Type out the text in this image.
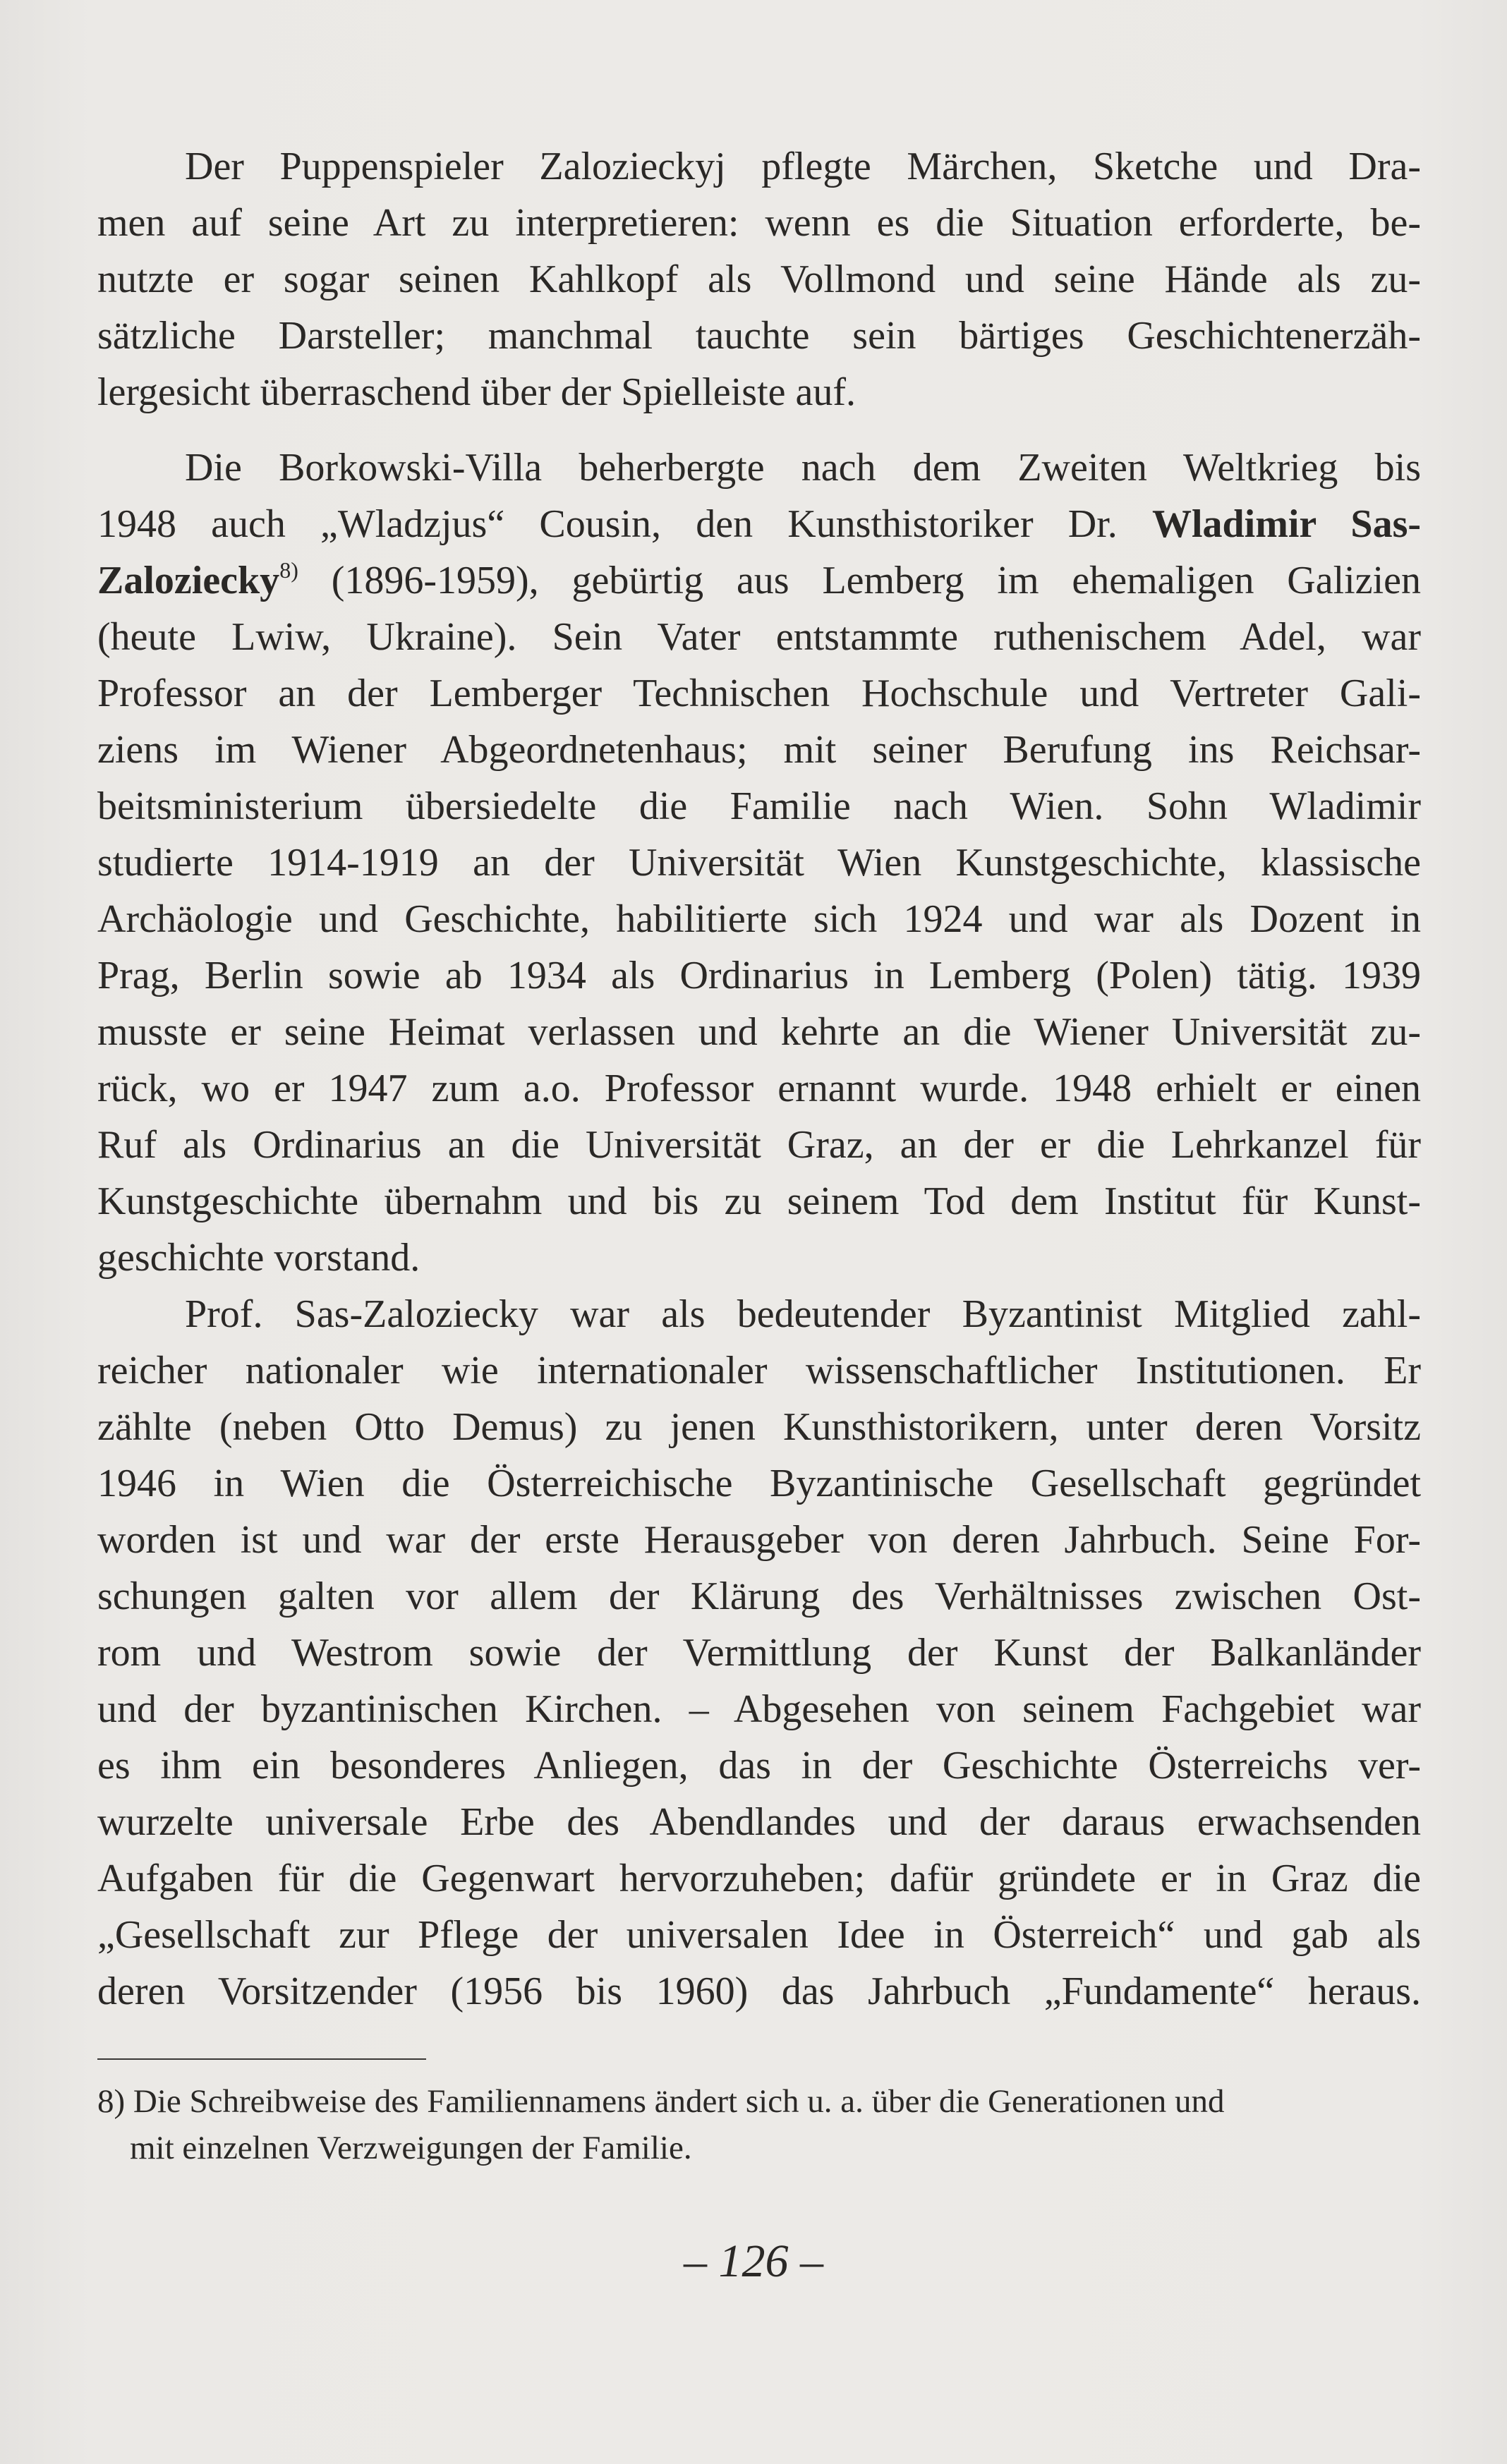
Der Puppenspieler Zalozieckyj pflegte Märchen, Sketche und Dra-
men auf seine Art zu interpretieren: wenn es die Situation erforderte, be-
nutzte er sogar seinen Kahlkopf als Vollmond und seine Hände als zu-
sätzliche Darsteller; manchmal tauchte sein bärtiges Geschichtenerzäh-
lergesicht überraschend über der Spielleiste auf.
Die Borkowski-Villa beherbergte nach dem Zweiten Weltkrieg bis
1948 auch „Wladzjus“ Cousin, den Kunsthistoriker Dr. Wladimir Sas-
Zaloziecky$^{8)}$ (1896-1959), gebürtig aus Lemberg im ehemaligen Galizien
(heute Lwiw, Ukraine). Sein Vater entstammte ruthenischem Adel, war
Professor an der Lemberger Technischen Hochschule und Vertreter Gali-
ziens im Wiener Abgeordnetenhaus; mit seiner Berufung ins Reichsar-
beitsministerium übersiedelte die Familie nach Wien. Sohn Wladimir
studierte 1914-1919 an der Universität Wien Kunstgeschichte, klassische
Archäologie und Geschichte, habilitierte sich 1924 und war als Dozent in
Prag, Berlin sowie ab 1934 als Ordinarius in Lemberg (Polen) tätig. 1939
musste er seine Heimat verlassen und kehrte an die Wiener Universität zu-
rück, wo er 1947 zum a.o. Professor ernannt wurde. 1948 erhielt er einen
Ruf als Ordinarius an die Universität Graz, an der er die Lehrkanzel für
Kunstgeschichte übernahm und bis zu seinem Tod dem Institut für Kunst-
geschichte vorstand.
Prof. Sas-Zaloziecky war als bedeutender Byzantinist Mitglied zahl-
reicher nationaler wie internationaler wissenschaftlicher Institutionen. Er
zählte (neben Otto Demus) zu jenen Kunsthistorikern, unter deren Vorsitz
1946 in Wien die Österreichische Byzantinische Gesellschaft gegründet
worden ist und war der erste Herausgeber von deren Jahrbuch. Seine For-
schungen galten vor allem der Klärung des Verhältnisses zwischen Ost-
rom und Westrom sowie der Vermittlung der Kunst der Balkanländer
und der byzantinischen Kirchen. – Abgesehen von seinem Fachgebiet war
es ihm ein besonderes Anliegen, das in der Geschichte Österreichs ver-
wurzelte universale Erbe des Abendlandes und der daraus erwachsenden
Aufgaben für die Gegenwart hervorzuheben; dafür gründete er in Graz die
„Gesellschaft zur Pflege der universalen Idee in Österreich“ und gab als
deren Vorsitzender (1956 bis 1960) das Jahrbuch „Fundamente“ heraus.
8) Die Schreibweise des Familiennamens ändert sich u. a. über die Generationen und
mit einzelnen Verzweigungen der Familie.
– 126 –
